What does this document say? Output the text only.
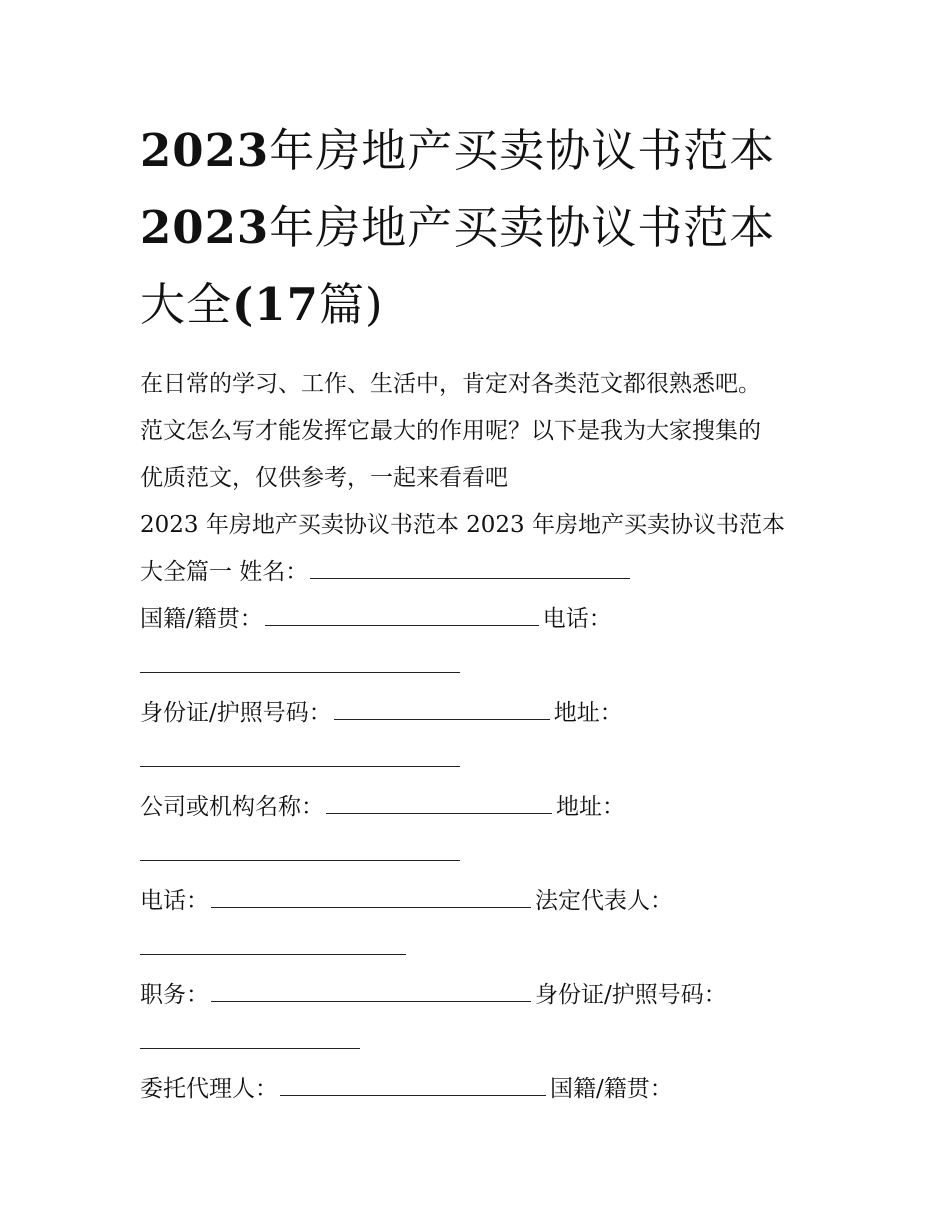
2023年房地产买卖协议书范本
2023年房地产买卖协议书范本
大全(17篇)
在日常的学习、工作、生活中，肯定对各类范文都很熟悉吧。
范文怎么写才能发挥它最大的作用呢？以下是我为大家搜集的
优质范文，仅供参考，一起来看看吧
2023 年房地产买卖协议书范本 2023 年房地产买卖协议书范本
大全篇一 姓名：
国籍/籍贯：	电话：
身份证/护照号码：	地址：
公司或机构名称：	地址：
电话：	法定代表人：
职务：	身份证/护照号码：
委托代理人：	国籍/籍贯：
